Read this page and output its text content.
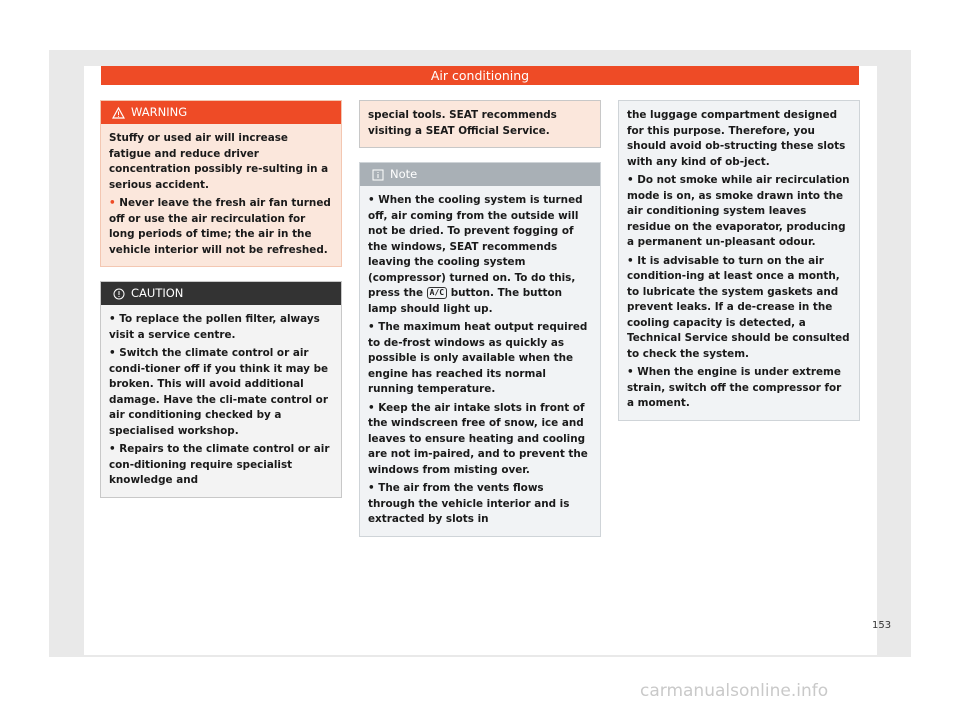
Air conditioning
WARNING

Stuffy or used air will increase fatigue and reduce driver concentration possibly re-sulting in a serious accident.

• Never leave the fresh air fan turned off or use the air recirculation for long periods of time; the air in the vehicle interior will not be refreshed.

CAUTION

• To replace the pollen filter, always visit a service centre.

• Switch the climate control or air condi-tioner off if you think it may be broken. This will avoid additional damage. Have the cli-mate control or air conditioning checked by a specialised workshop.

• Repairs to the climate control or air con-ditioning require specialist knowledge and

special tools. SEAT recommends visiting a SEAT Official Service.

Note

• When the cooling system is turned off, air coming from the outside will not be dried. To prevent fogging of the windows, SEAT recommends leaving the cooling system (compressor) turned on. To do this, press the A/C button. The button lamp should light up.

• The maximum heat output required to de-frost windows as quickly as possible is only available when the engine has reached its normal running temperature.

• Keep the air intake slots in front of the windscreen free of snow, ice and leaves to ensure heating and cooling are not im-paired, and to prevent the windows from misting over.

• The air from the vents flows through the vehicle interior and is extracted by slots in

the luggage compartment designed for this purpose. Therefore, you should avoid ob-structing these slots with any kind of ob-ject.

• Do not smoke while air recirculation mode is on, as smoke drawn into the air conditioning system leaves residue on the evaporator, producing a permanent un-pleasant odour.

• It is advisable to turn on the air condition-ing at least once a month, to lubricate the system gaskets and prevent leaks. If a de-crease in the cooling capacity is detected, a Technical Service should be consulted to check the system.

• When the engine is under extreme strain, switch off the compressor for a moment.

153
carmanualsonline.info
